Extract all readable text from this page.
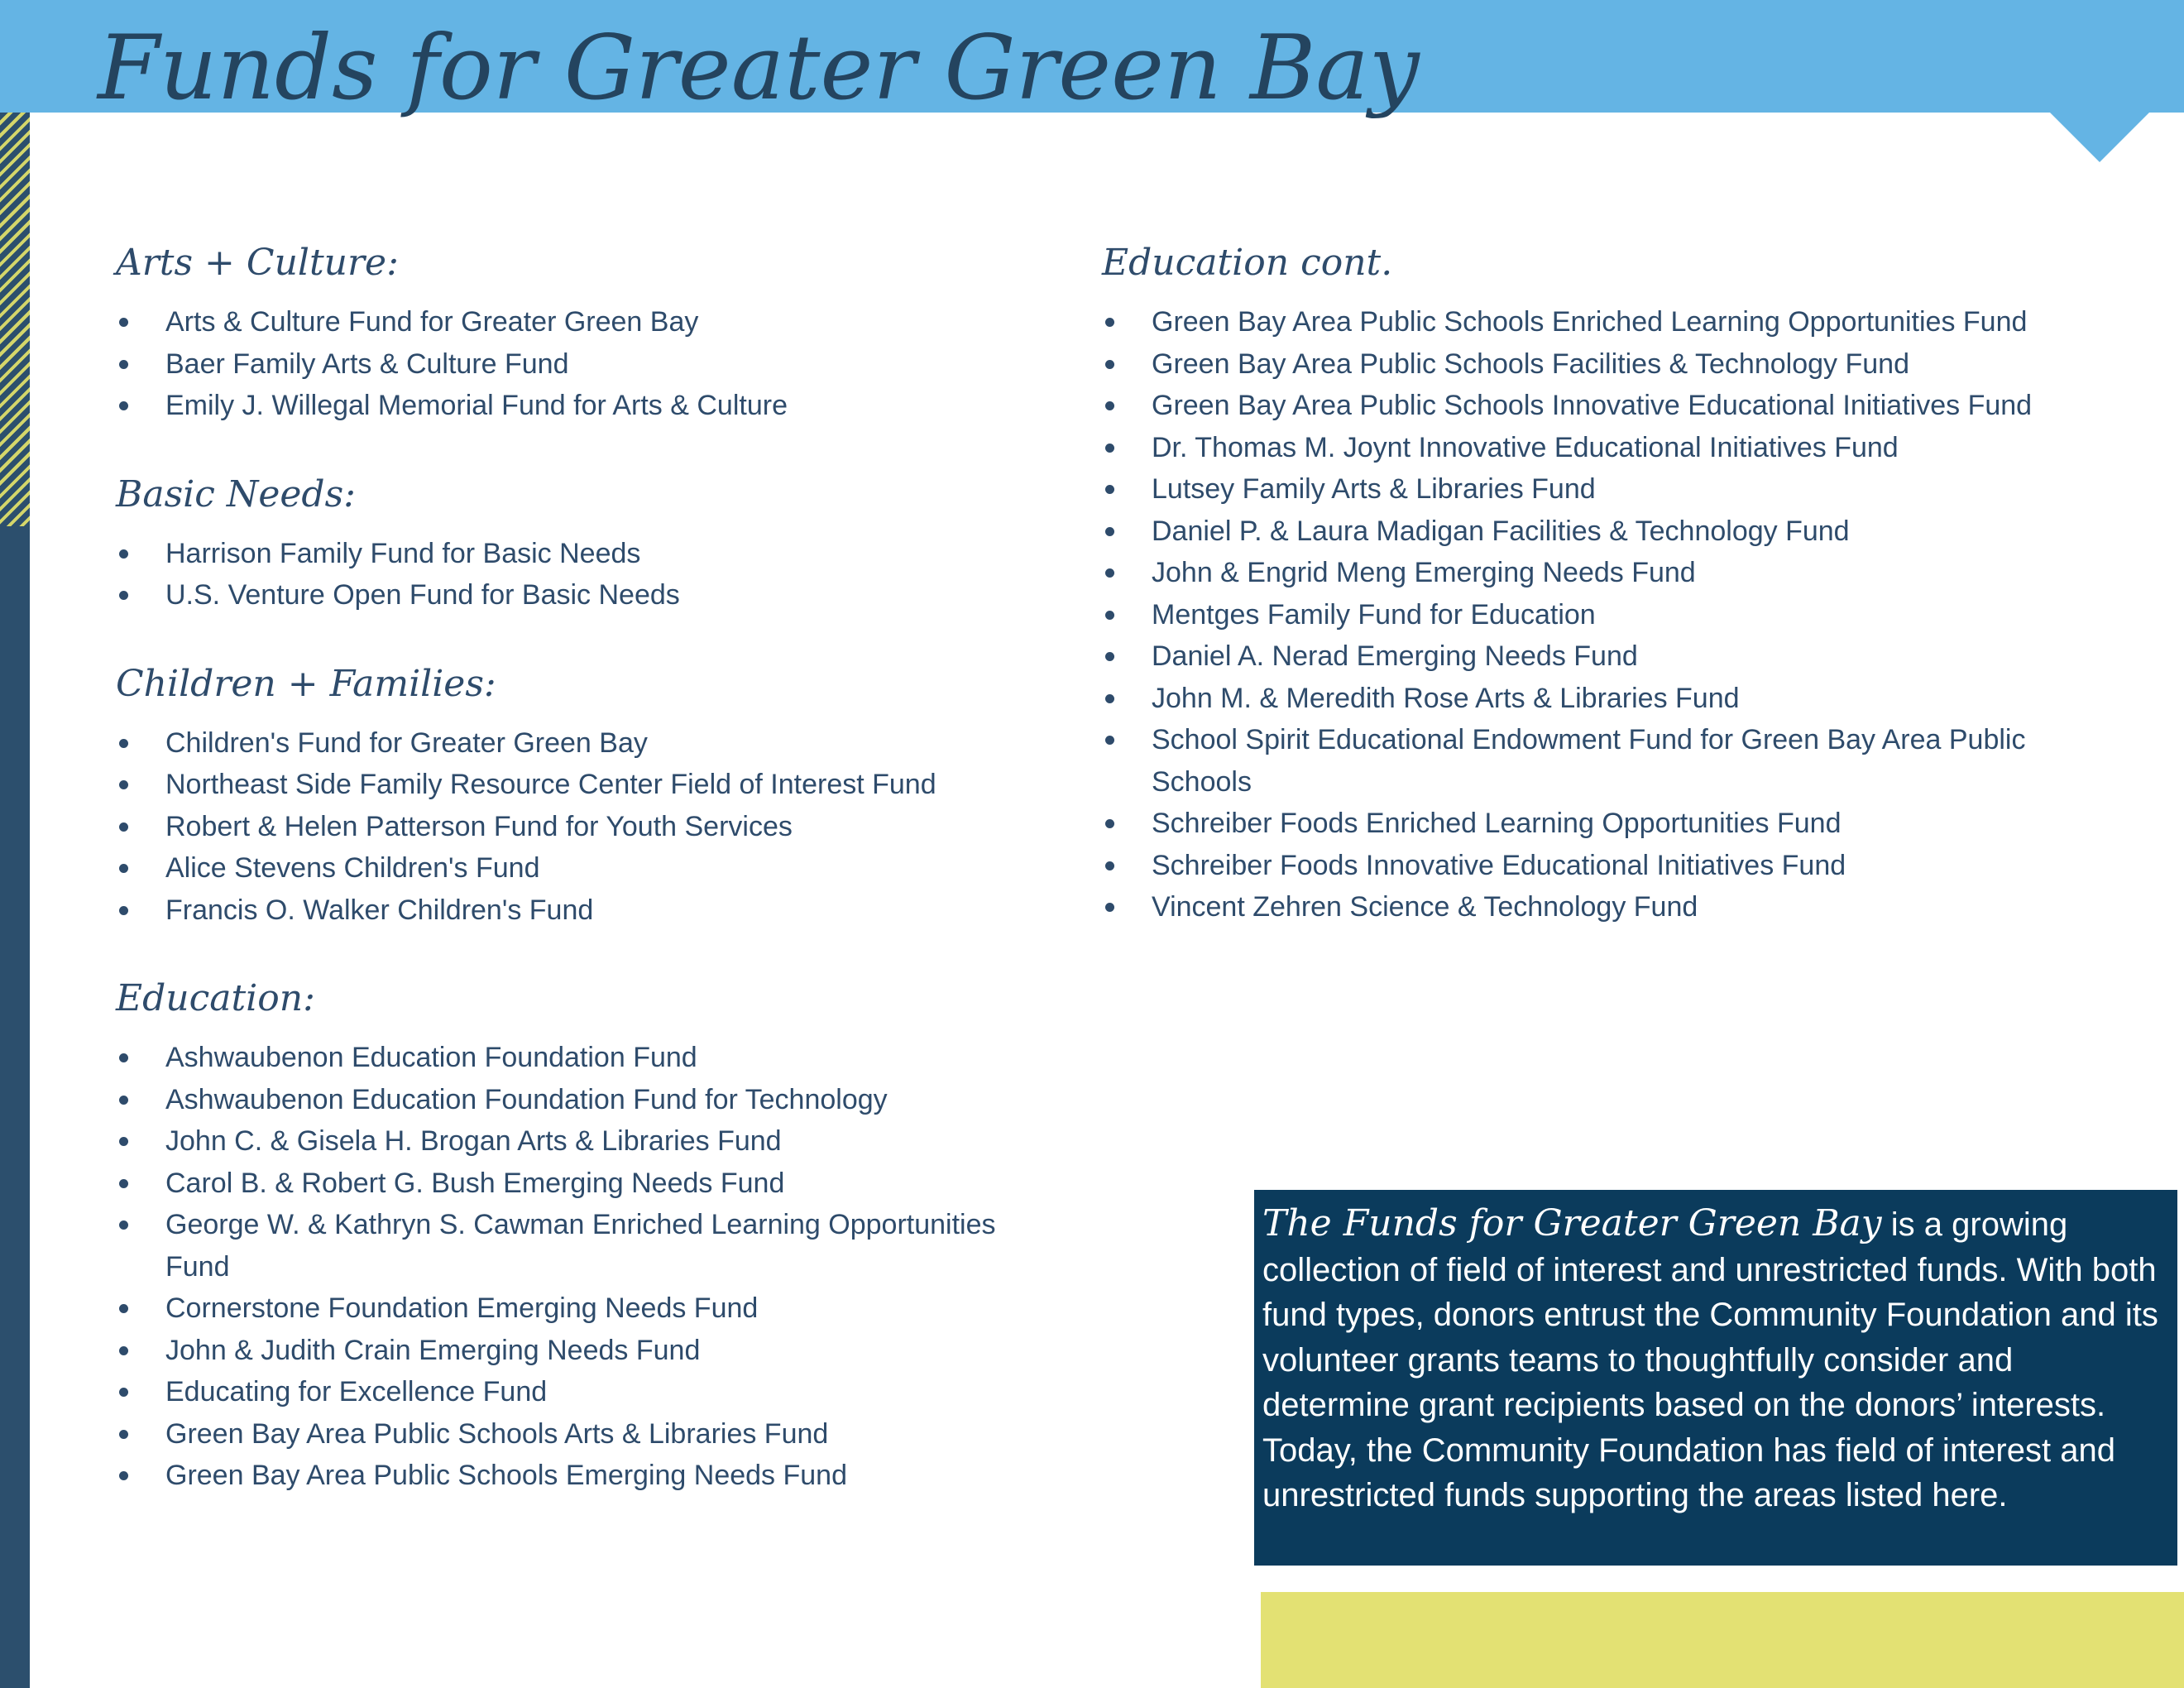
Funds for Greater Green Bay
Arts + Culture:
Arts & Culture Fund for Greater Green Bay
Baer Family Arts & Culture Fund
Emily J. Willegal Memorial Fund for Arts & Culture
Basic Needs:
Harrison Family Fund for Basic Needs
U.S. Venture Open Fund for Basic Needs
Children + Families:
Children's Fund for Greater Green Bay
Northeast Side Family Resource Center Field of Interest Fund
Robert & Helen Patterson Fund for Youth Services
Alice Stevens Children's Fund
Francis O. Walker Children's Fund
Education:
Ashwaubenon Education Foundation Fund
Ashwaubenon Education Foundation Fund for Technology
John C. & Gisela H. Brogan Arts & Libraries Fund
Carol B. & Robert G. Bush Emerging Needs Fund
George W. & Kathryn S. Cawman Enriched Learning Opportunities Fund
Cornerstone Foundation Emerging Needs Fund
John & Judith Crain Emerging Needs Fund
Educating for Excellence Fund
Green Bay Area Public Schools Arts & Libraries Fund
Green Bay Area Public Schools Emerging Needs Fund
Education cont.
Green Bay Area Public Schools Enriched Learning Opportunities Fund
Green Bay Area Public Schools Facilities & Technology Fund
Green Bay Area Public Schools Innovative Educational Initiatives Fund
Dr. Thomas M. Joynt Innovative Educational Initiatives Fund
Lutsey Family Arts & Libraries Fund
Daniel P. & Laura Madigan Facilities & Technology Fund
John & Engrid Meng Emerging Needs Fund
Mentges Family Fund for Education
Daniel A. Nerad Emerging Needs Fund
John M. & Meredith Rose Arts & Libraries Fund
School Spirit Educational Endowment Fund for Green Bay Area Public Schools
Schreiber Foods Enriched Learning Opportunities Fund
Schreiber Foods Innovative Educational Initiatives Fund
Vincent Zehren Science & Technology Fund
The Funds for Greater Green Bay is a growing collection of field of interest and unrestricted funds. With both fund types, donors entrust the Community Foundation and its volunteer grants teams to thoughtfully consider and determine grant recipients based on the donors’ interests. Today, the Community Foundation has field of interest and unrestricted funds supporting the areas listed here.
